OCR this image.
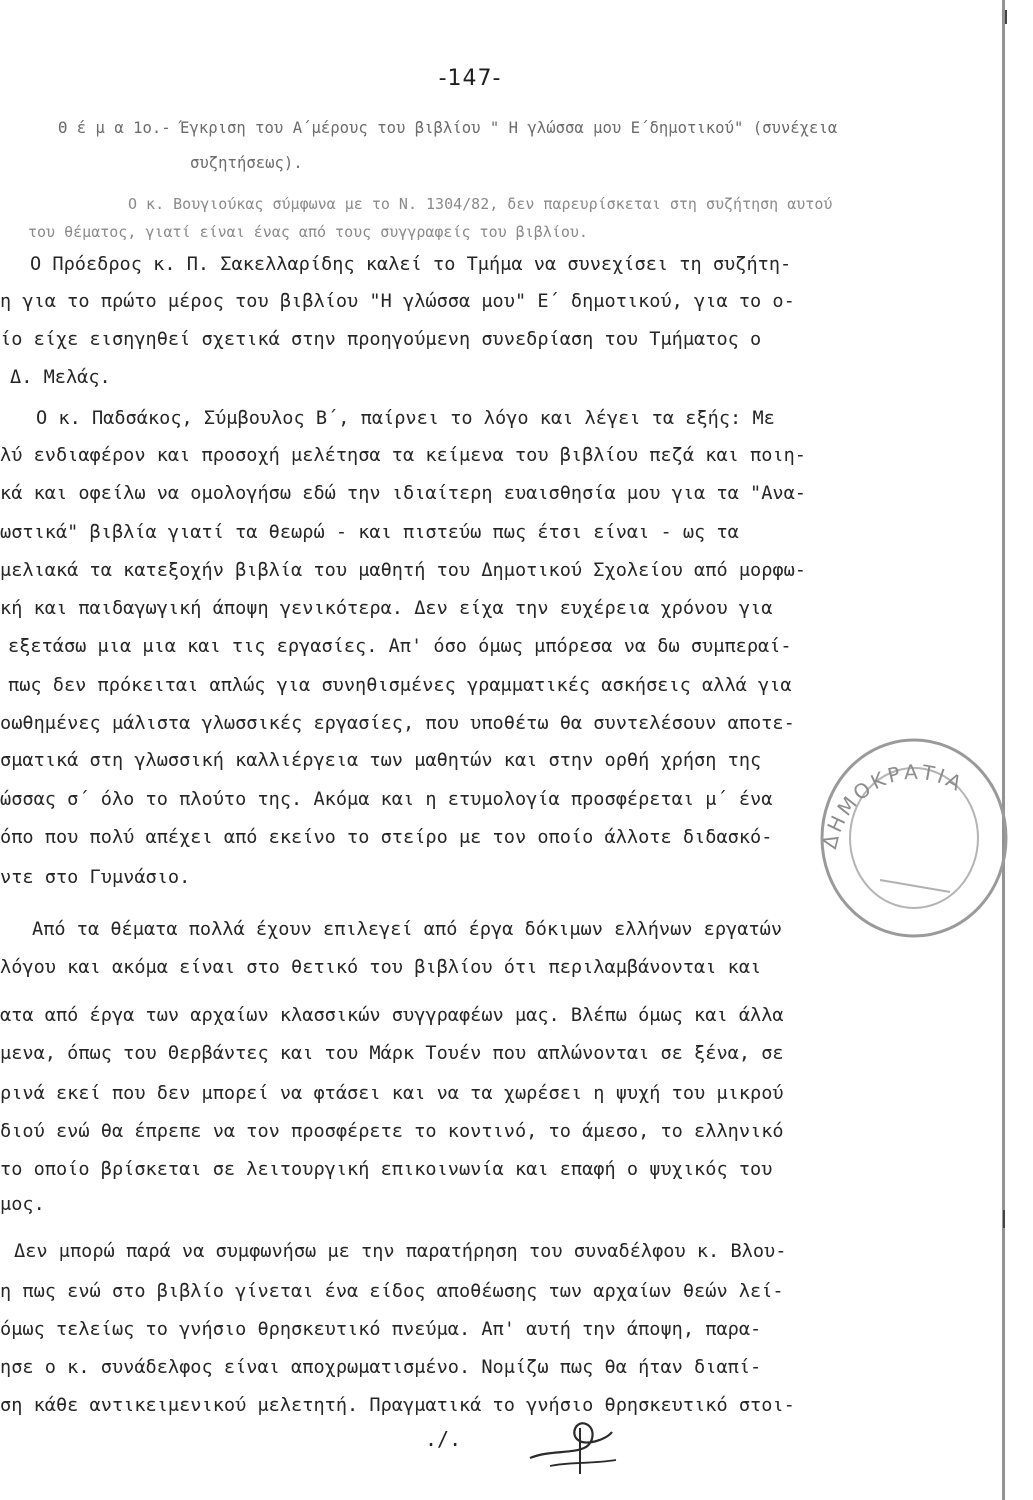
-147-

Θ έ μ α 1ο.- Έγκριση του Α΄μέρους του βιβλίου " Η γλώσσα μου Ε΄δημοτικού" (συνέχεια

συζητήσεως).

Ο κ. Βουγιούκας σύμφωνα με το Ν. 1304/82, δεν παρευρίσκεται στη συζήτηση αυτού

του θέματος, γιατί είναι ένας από τους συγγραφείς του βιβλίου.

Ο Πρόεδρος κ. Π. Σακελλαρίδης καλεί το Τμήμα να συνεχίσει τη συζήτη-

η για το πρώτο μέρος του βιβλίου "Η γλώσσα μου" Ε΄ δημοτικού, για το ο-

ίο είχε εισηγηθεί σχετικά στην προηγούμενη συνεδρίαση του Τμήματος ο

Δ. Μελάς.

Ο κ. Παδσάκος, Σύμβουλος Β΄, παίρνει το λόγο και λέγει τα εξής: Με

λύ ενδιαφέρον και προσοχή μελέτησα τα κείμενα του βιβλίου πεζά και ποιη-

κά και οφείλω να ομολογήσω εδώ την ιδιαίτερη ευαισθησία μου για τα "Ανα-

ωστικά" βιβλία γιατί τα θεωρώ - και πιστεύω πως έτσι είναι - ως τα

μελιακά τα κατεξοχήν βιβλία του μαθητή του Δημοτικού Σχολείου από μορφω-

κή και παιδαγωγική άποψη γενικότερα. Δεν είχα την ευχέρεια χρόνου για

εξετάσω μια μια και τις εργασίες. Απ' όσο όμως μπόρεσα να δω συμπεραί-

πως δεν πρόκειται απλώς για συνηθισμένες γραμματικές ασκήσεις αλλά για

οωθημένες μάλιστα γλωσσικές εργασίες, που υποθέτω θα συντελέσουν αποτε-

σματικά στη γλωσσική καλλιέργεια των μαθητών και στην ορθή χρήση της

ώσσας σ΄ όλο το πλούτο της. Ακόμα και η ετυμολογία προσφέρεται μ΄ ένα

όπο που πολύ απέχει από εκείνο το στείρο με τον οποίο άλλοτε διδασκό-

ντε στο Γυμνάσιο.

Από τα θέματα πολλά έχουν επιλεγεί από έργα δόκιμων ελλήνων εργατών

λόγου και ακόμα είναι στο θετικό του βιβλίου ότι περιλαμβάνονται και

ατα από έργα των αρχαίων κλασσικών συγγραφέων μας. Βλέπω όμως και άλλα

μενα, όπως του Θερβάντες και του Μάρκ Τουέν που απλώνονται σε ξένα, σε

ρινά εκεί που δεν μπορεί να φτάσει και να τα χωρέσει η ψυχή του μικρού

διού ενώ θα έπρεπε να τον προσφέρετε το κοντινό, το άμεσο, το ελληνικό

το οποίο βρίσκεται σε λειτουργική επικοινωνία και επαφή ο ψυχικός του

μος.

Δεν μπορώ παρά να συμφωνήσω με την παρατήρηση του συναδέλφου κ. Βλου-

η πως ενώ στο βιβλίο γίνεται ένα είδος αποθέωσης των αρχαίων θεών λεί-

όμως τελείως το γνήσιο θρησκευτικό πνεύμα. Απ' αυτή την άποψη, παρα-

ησε ο κ. συνάδελφος είναι αποχρωματισμένο. Νομίζω πως θα ήταν διαπί-

ση κάθε αντικειμενικού μελετητή. Πραγματικά το γνήσιο θρησκευτικό στοι-

ΔΗΜΟΚΡΑΤΙΑ
./.
